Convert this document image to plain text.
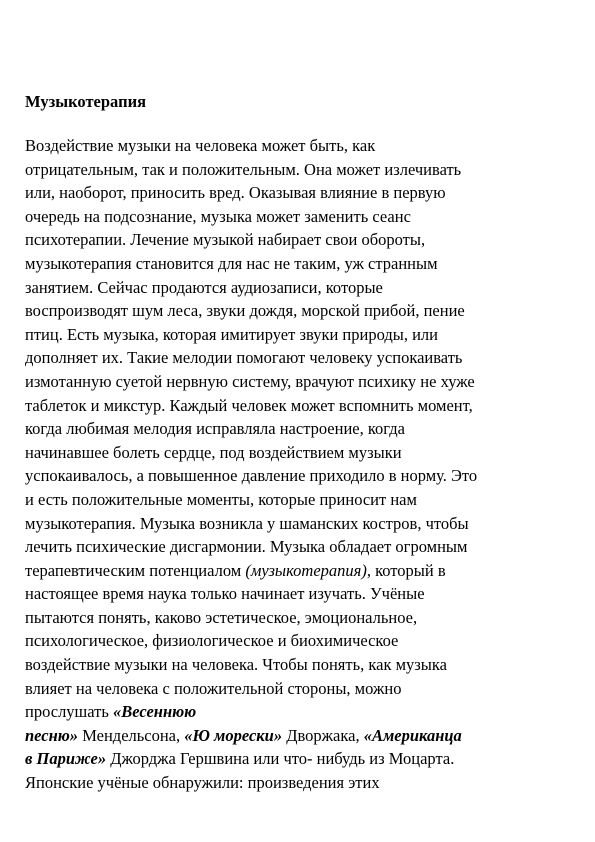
Музыкотерапия
Воздействие музыки на человека может быть, как
отрицательным, так и положительным. Она может излечивать
или, наоборот, приносить вред. Оказывая влияние в первую
очередь на подсознание, музыка может заменить сеанс
психотерапии. Лечение музыкой набирает свои обороты,
музыкотерапия становится для нас не таким, уж странным
занятием. Сейчас продаются аудиозаписи, которые
воспроизводят шум леса, звуки дождя, морской прибой, пение
птиц. Есть музыка, которая имитирует звуки природы, или
дополняет их. Такие мелодии помогают человеку успокаивать
измотанную суетой нервную систему, врачуют психику не хуже
таблеток и микстур. Каждый человек может вспомнить момент,
когда любимая мелодия исправляла настроение, когда
начинавшее болеть сердце, под воздействием музыки
успокаивалось, а повышенное давление приходило в норму. Это
и есть положительные моменты, которые приносит нам
музыкотерапия. Музыка возникла у шаманских костров, чтобы
лечить психические дисгармонии. Музыка обладает огромным
терапевтическим потенциалом (музыкотерапия), который в
настоящее время наука только начинает изучать. Учёные
пытаются понять, каково эстетическое, эмоциональное,
психологическое, физиологическое и биохимическое
воздействие музыки на человека. Чтобы понять, как музыка
влияет на человека с положительной стороны, можно
прослушать «Весеннюю
песню» Мендельсона, «Ю морески» Дворжака, «Американца
в Париже» Джорджа Гершвина или что- нибудь из Моцарта.
Японские учёные обнаружили: произведения этих
